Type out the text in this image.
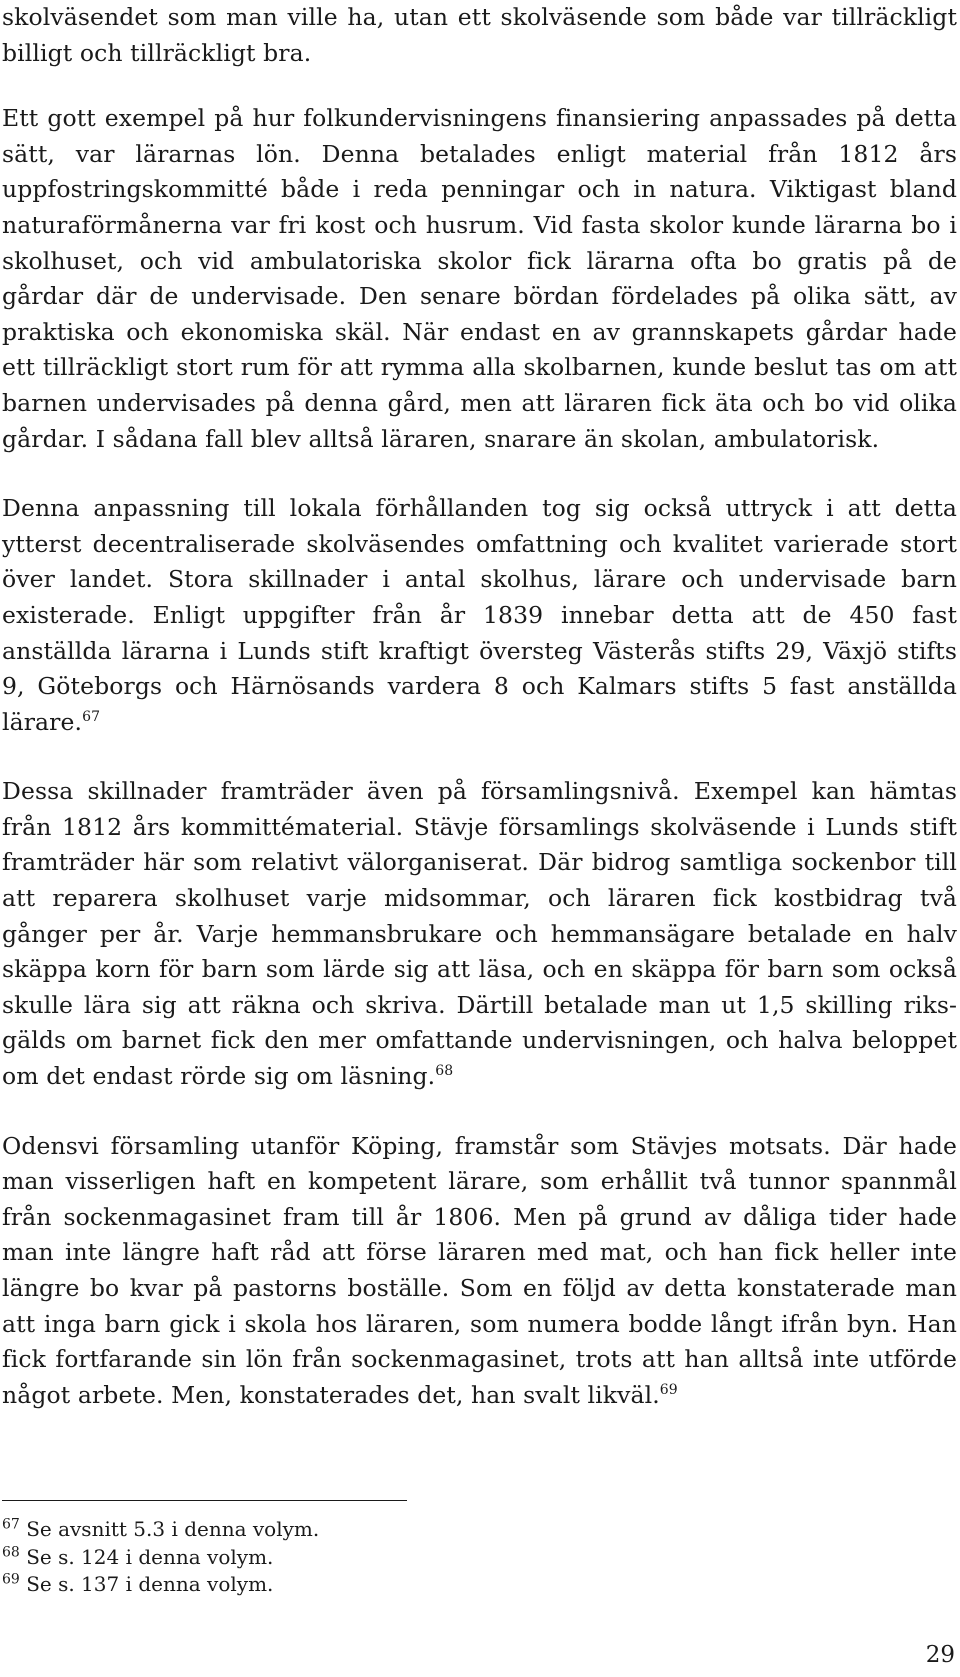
skolväsendet som man ville ha, utan ett skolväsende som både var tillräckligt billigt och tillräckligt bra.

Ett gott exempel på hur folkundervisningens finansiering anpassades på detta sätt, var lärarnas lön. Denna betalades enligt material från 1812 års uppfostringskommitté både i reda penningar och in natura. Viktigast bland naturaförmånerna var fri kost och husrum. Vid fasta skolor kunde lärarna bo i skolhuset, och vid ambulatoriska skolor fick lärarna ofta bo gratis på de gårdar där de undervisade. Den senare bördan fördelades på olika sätt, av praktiska och ekonomiska skäl. När endast en av grannskapets gårdar hade ett tillräckligt stort rum för att rymma alla skolbarnen, kunde beslut tas om att barnen undervisades på denna gård, men att läraren fick äta och bo vid olika gårdar. I sådana fall blev alltså läraren, snarare än skolan, ambulatorisk.

Denna anpassning till lokala förhållanden tog sig också uttryck i att detta ytterst decentraliserade skolväsendes omfattning och kvalitet varierade stort över landet. Stora skillnader i antal skolhus, lärare och undervisade barn existerade. Enligt uppgifter från år 1839 innebar detta att de 450 fast anställda lärarna i Lunds stift kraftigt översteg Västerås stifts 29, Växjö stifts 9, Göteborgs och Härnösands vardera 8 och Kalmars stifts 5 fast anställda lärare.$^{67}$

Dessa skillnader framträder även på församlingsnivå. Exempel kan hämtas från 1812 års kommittématerial. Stävje församlings skolväsende i Lunds stift framträder här som relativt välorganiserat. Där bidrog samtliga sockenbor till att reparera skolhuset varje midsommar, och läraren fick kostbidrag två gånger per år. Varje hemmansbrukare och hemmansägare betalade en halv skäppa korn för barn som lärde sig att läsa, och en skäppa för barn som också skulle lära sig att räkna och skriva. Därtill betalade man ut 1,5 skilling riksgälds om barnet fick den mer omfattande undervisningen, och halva beloppet om det endast rörde sig om läsning.$^{68}$

Odensvi församling utanför Köping, framstår som Stävjes motsats. Där hade man visserligen haft en kompetent lärare, som erhållit två tunnor spannmål från sockenmagasinet fram till år 1806. Men på grund av dåliga tider hade man inte längre haft råd att förse läraren med mat, och han fick heller inte längre bo kvar på pastorns boställe. Som en följd av detta konstaterade man att inga barn gick i skola hos läraren, som numera bodde långt ifrån byn. Han fick fortfarande sin lön från sockenmagasinet, trots att han alltså inte utförde något arbete. Men, konstaterades det, han svalt likväl.$^{69}$

$^{67}$ Se avsnitt 5.3 i denna volym.

$^{68}$ Se s. 124 i denna volym.

$^{69}$ Se s. 137 i denna volym.

29
